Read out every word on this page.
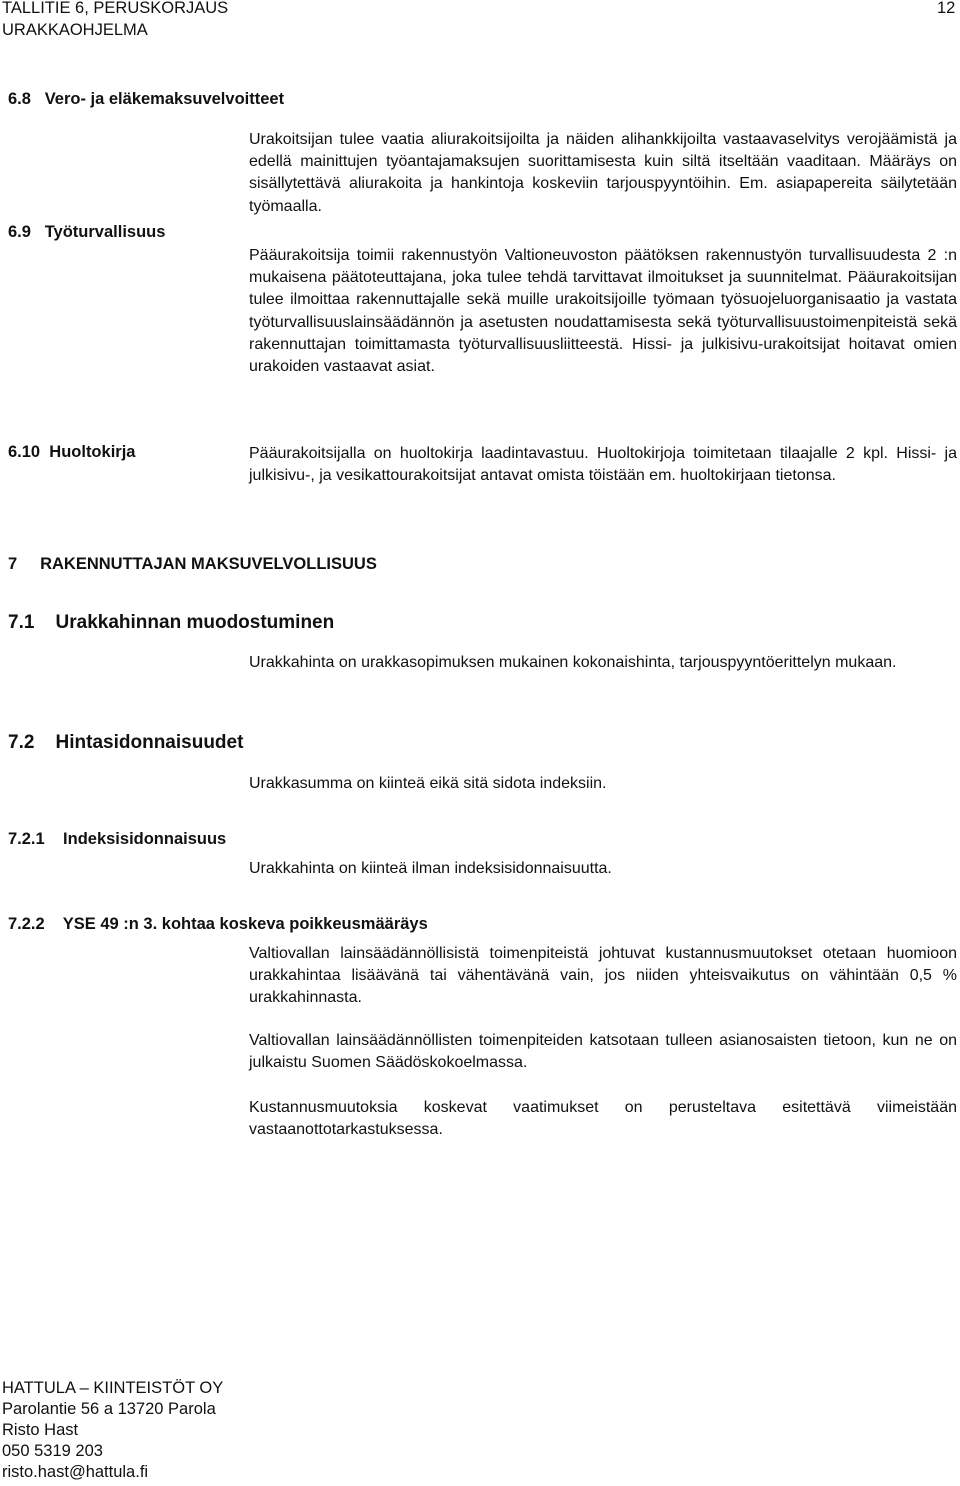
TALLITIE 6, PERUSKORJAUS
URAKKAOHJELMA
12
6.8   Vero- ja eläkemaksuvelvoitteet
Urakoitsijan tulee vaatia aliurakoitsijoilta ja näiden alihankkijoilta vastaavaselvitys verojäämistä ja edellä mainittujen työantajamaksujen suorittamisesta kuin siltä itseltään vaaditaan. Määräys on sisällytettävä aliurakoita ja hankintoja koskeviin tarjouspyyntöihin. Em. asiapapereita säilytetään työmaalla.
6.9   Työturvallisuus
Pääurakoitsija toimii rakennustyön Valtioneuvoston päätöksen rakennustyön turvallisuudesta 2 :n mukaisena päätoteuttajana, joka tulee tehdä tarvittavat ilmoitukset ja suunnitelmat. Pääurakoitsijan tulee ilmoittaa rakennuttajalle sekä muille urakoitsijoille työmaan työsuojeluorganisaatio ja vastata työturvallisuuslainsäädännön ja asetusten noudattamisesta sekä työturvallisuustoimenpiteistä sekä rakennuttajan toimittamasta työturvallisuusliitteestä. Hissi- ja julkisivu-urakoitsijat hoitavat omien urakoiden vastaavat asiat.
6.10  Huoltokirja	Pääurakoitsijalla on huoltokirja laadintavastuu. Huoltokirjoja toimitetaan tilaajalle 2 kpl. Hissi- ja julkisivu-, ja vesikattourakoitsijat antavat omista töistään em. huoltokirjaan tietonsa.
7     RAKENNUTTAJAN MAKSUVELVOLLISUUS
7.1    Urakkahinnan muodostuminen
Urakkahinta on urakkasopimuksen mukainen kokonaishinta, tarjouspyyntöerittelyn mukaan.
7.2    Hintasidonnaisuudet
Urakkasumma on kiinteä eikä sitä sidota indeksiin.
7.2.1    Indeksisidonnaisuus
Urakkahinta on kiinteä ilman indeksisidonnaisuutta.
7.2.2    YSE 49 :n 3. kohtaa koskeva poikkeusmääräys
Valtiovallan lainsäädännöllisistä toimenpiteistä johtuvat kustannusmuutokset otetaan huomioon urakkahintaa lisäävänä tai vähentävänä vain, jos niiden yhteisvaikutus on vähintään 0,5 % urakkahinnasta.
Valtiovallan lainsäädännöllisten toimenpiteiden katsotaan tulleen asianosaisten tietoon, kun ne on julkaistu Suomen Säädöskokoelmassa.
Kustannusmuutoksia koskevat vaatimukset on perusteltava esitettävä viimeistään vastaanottotarkastuksessa.
HATTULA – KIINTEISTÖT OY
Parolantie 56 a 13720 Parola
Risto Hast
050 5319 203
risto.hast@hattula.fi
